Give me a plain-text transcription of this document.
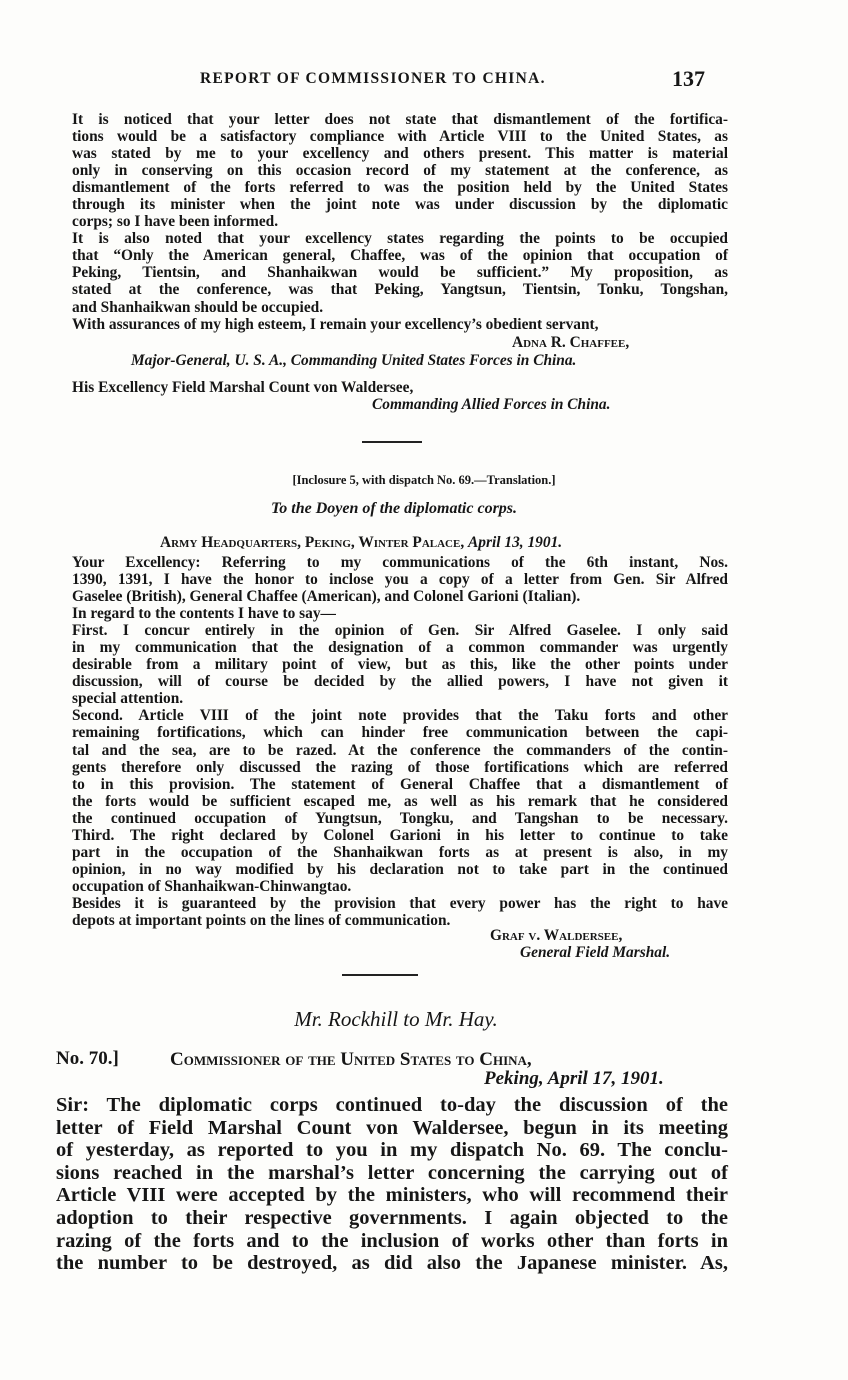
REPORT OF COMMISSIONER TO CHINA.	137
It is noticed that your letter does not state that dismantlement of the fortifica-
tions would be a satisfactory compliance with Article VIII to the United States, as
was stated by me to your excellency and others present. This matter is material
only in conserving on this occasion record of my statement at the conference, as
dismantlement of the forts referred to was the position held by the United States
through its minister when the joint note was under discussion by the diplomatic
corps; so I have been informed.
It is also noted that your excellency states regarding the points to be occupied
that “Only the American general, Chaffee, was of the opinion that occupation of
Peking, Tientsin, and Shanhaikwan would be sufficient.” My proposition, as
stated at the conference, was that Peking, Yangtsun, Tientsin, Tonku, Tongshan,
and Shanhaikwan should be occupied.
With assurances of my high esteem, I remain your excellency’s obedient servant,
Adna R. Chaffee,
Major-General, U. S. A., Commanding United States Forces in China.
His Excellency Field Marshal Count von Waldersee,
Commanding Allied Forces in China.
[Inclosure 5, with dispatch No. 69.—Translation.]
To the Doyen of the diplomatic corps.
Army Headquarters, Peking, Winter Palace, April 13, 1901.
Your Excellency: Referring to my communications of the 6th instant, Nos.
1390, 1391, I have the honor to inclose you a copy of a letter from Gen. Sir Alfred
Gaselee (British), General Chaffee (American), and Colonel Garioni (Italian).
In regard to the contents I have to say—
First. I concur entirely in the opinion of Gen. Sir Alfred Gaselee. I only said
in my communication that the designation of a common commander was urgently
desirable from a military point of view, but as this, like the other points under
discussion, will of course be decided by the allied powers, I have not given it
special attention.
Second. Article VIII of the joint note provides that the Taku forts and other
remaining fortifications, which can hinder free communication between the capi-
tal and the sea, are to be razed. At the conference the commanders of the contin-
gents therefore only discussed the razing of those fortifications which are referred
to in this provision. The statement of General Chaffee that a dismantlement of
the forts would be sufficient escaped me, as well as his remark that he considered
the continued occupation of Yungtsun, Tongku, and Tangshan to be necessary.
Third. The right declared by Colonel Garioni in his letter to continue to take
part in the occupation of the Shanhaikwan forts as at present is also, in my
opinion, in no way modified by his declaration not to take part in the continued
occupation of Shanhaikwan-Chinwangtao.
Besides it is guaranteed by the provision that every power has the right to have
depots at important points on the lines of communication.
Graf v. Waldersee,
General Field Marshal.
Mr. Rockhill to Mr. Hay.
No. 70.]	Commissioner of the United States to China,
Peking, April 17, 1901.
Sir: The diplomatic corps continued to-day the discussion of the
letter of Field Marshal Count von Waldersee, begun in its meeting
of yesterday, as reported to you in my dispatch No. 69. The conclu-
sions reached in the marshal’s letter concerning the carrying out of
Article VIII were accepted by the ministers, who will recommend their
adoption to their respective governments. I again objected to the
razing of the forts and to the inclusion of works other than forts in
the number to be destroyed, as did also the Japanese minister. As,
